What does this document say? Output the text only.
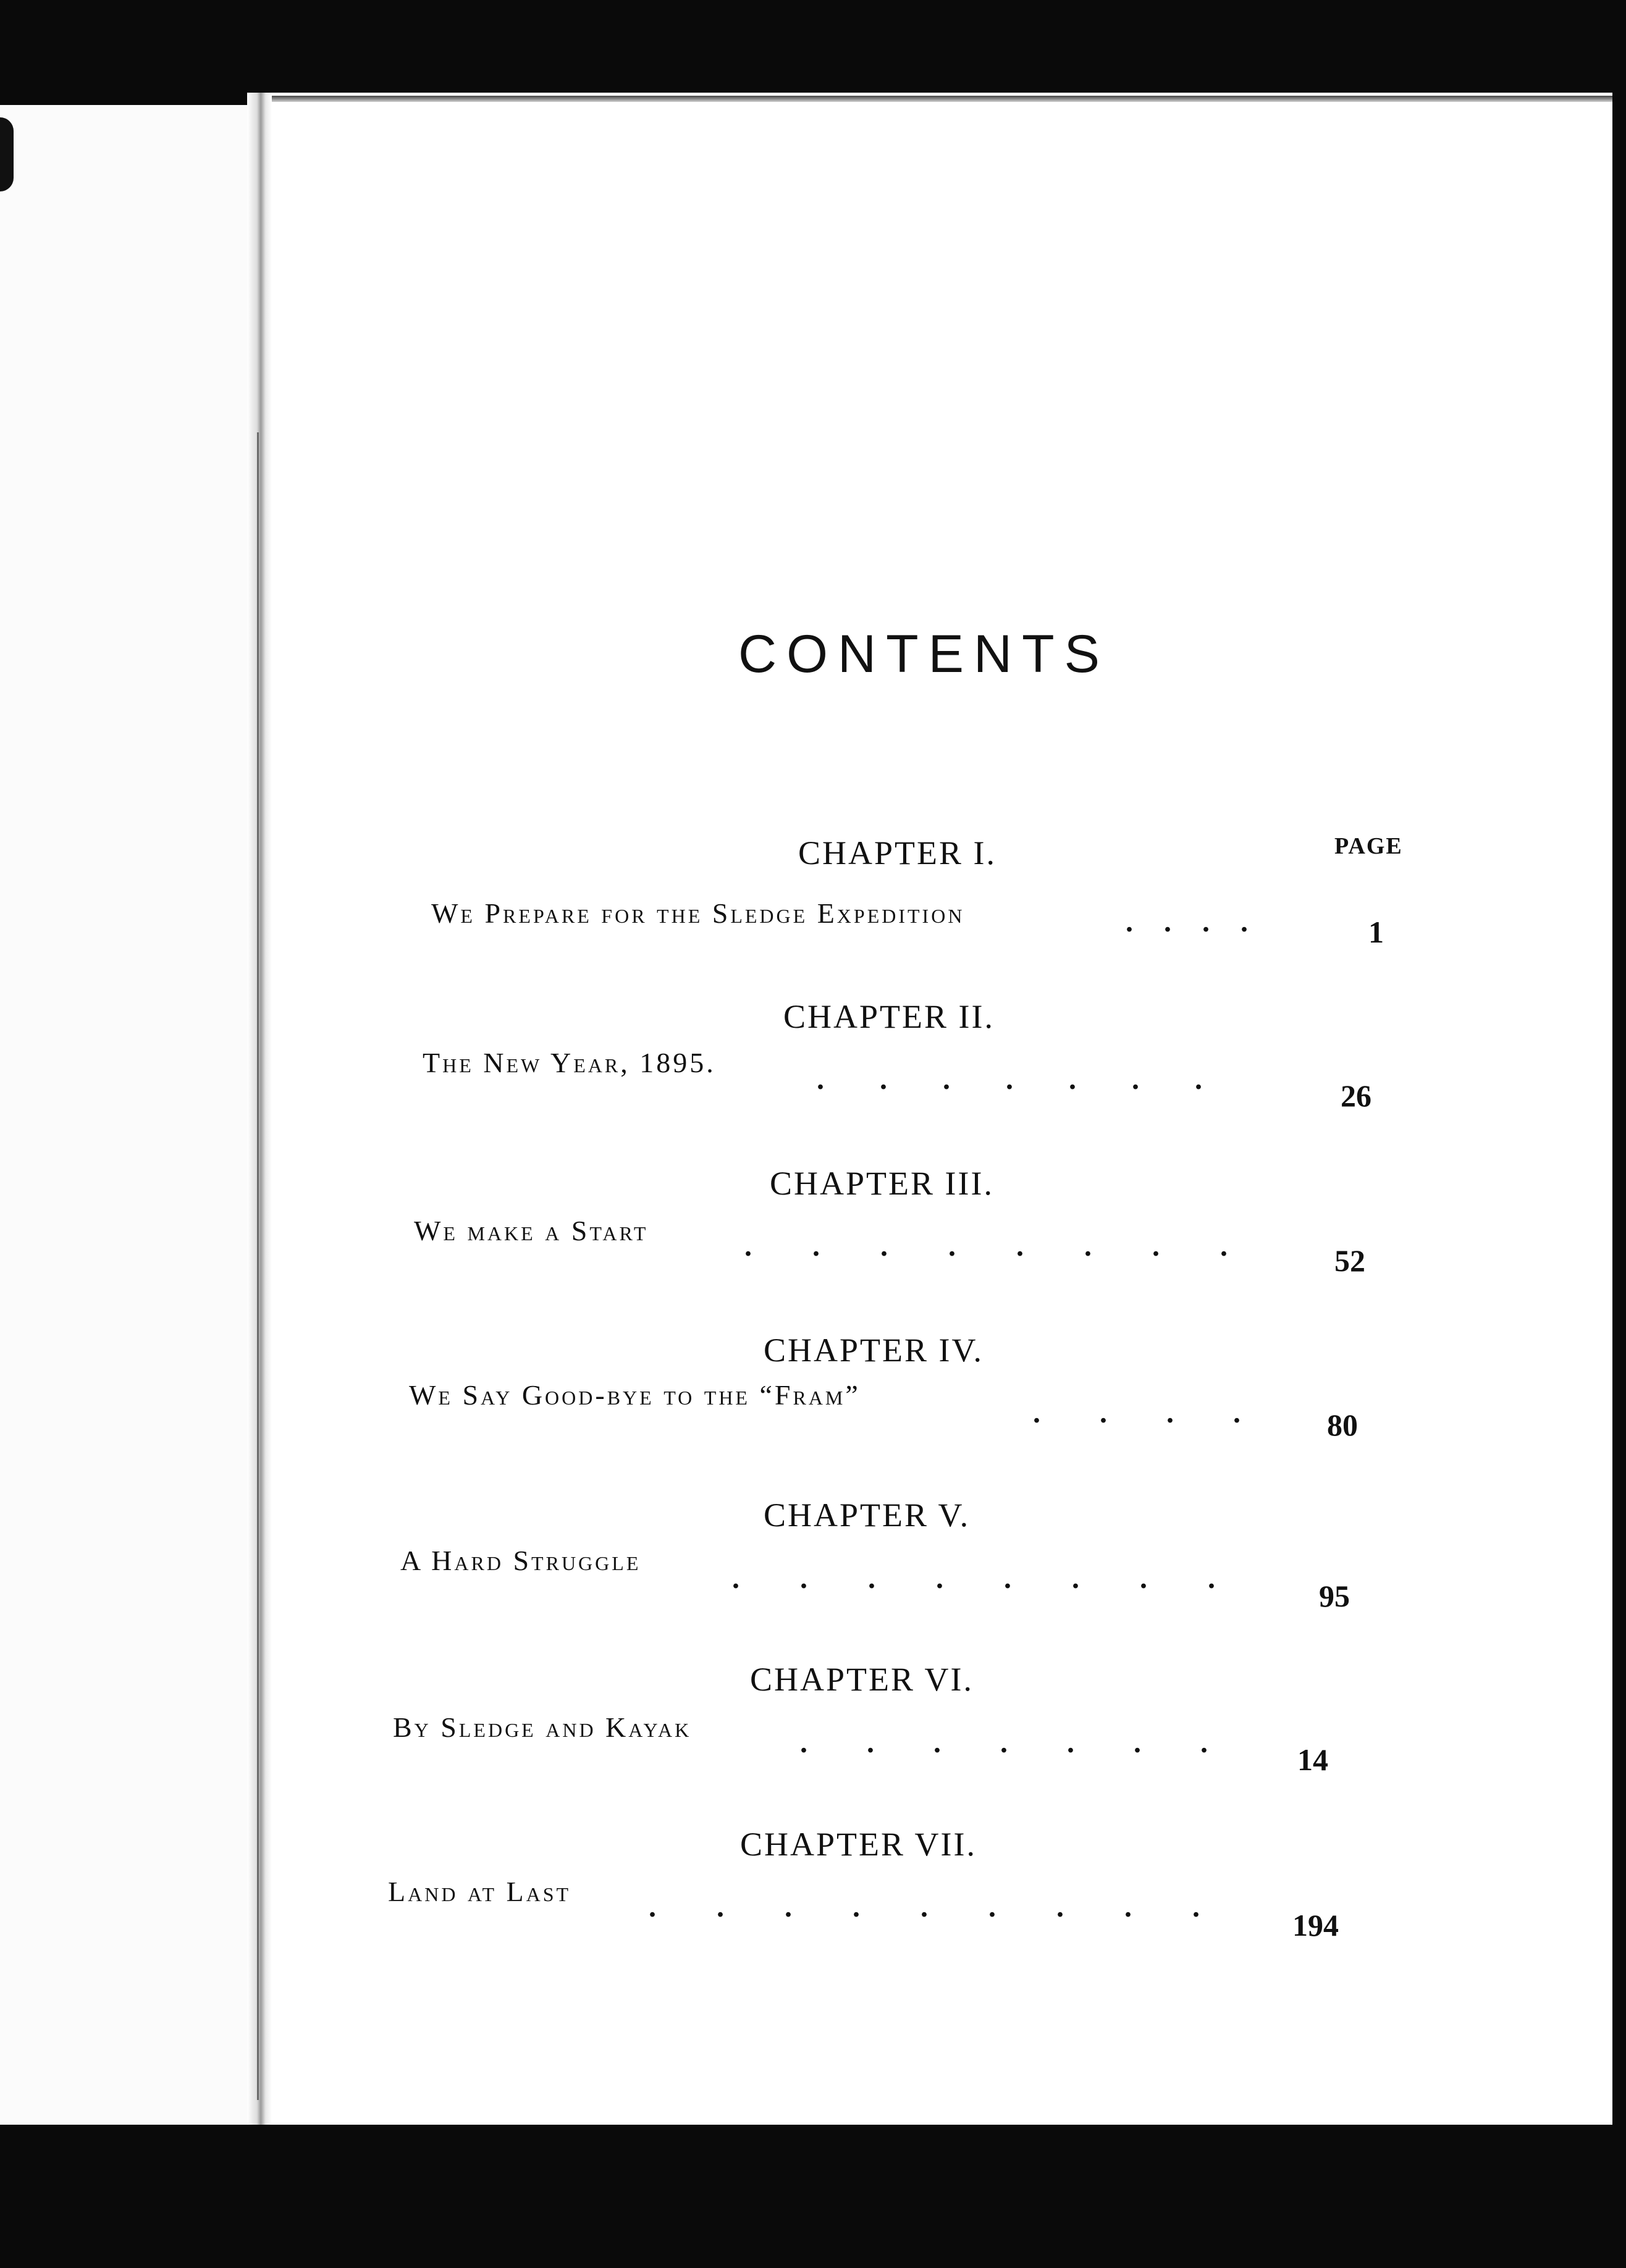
CONTENTS
PAGE
CHAPTER I.
We Prepare for the Sledge Expedition	....	1
CHAPTER II.
The New Year, 1895.
.......	26
CHAPTER III.
We make a Start	........ 52
CHAPTER IV.
We Say Good-bye to the “Fram”
.... 80
CHAPTER V.
A Hard Struggle
........
95
CHAPTER VI.
By Sledge and Kayak	....... 14
CHAPTER VII.
Land at Last	.........
194
